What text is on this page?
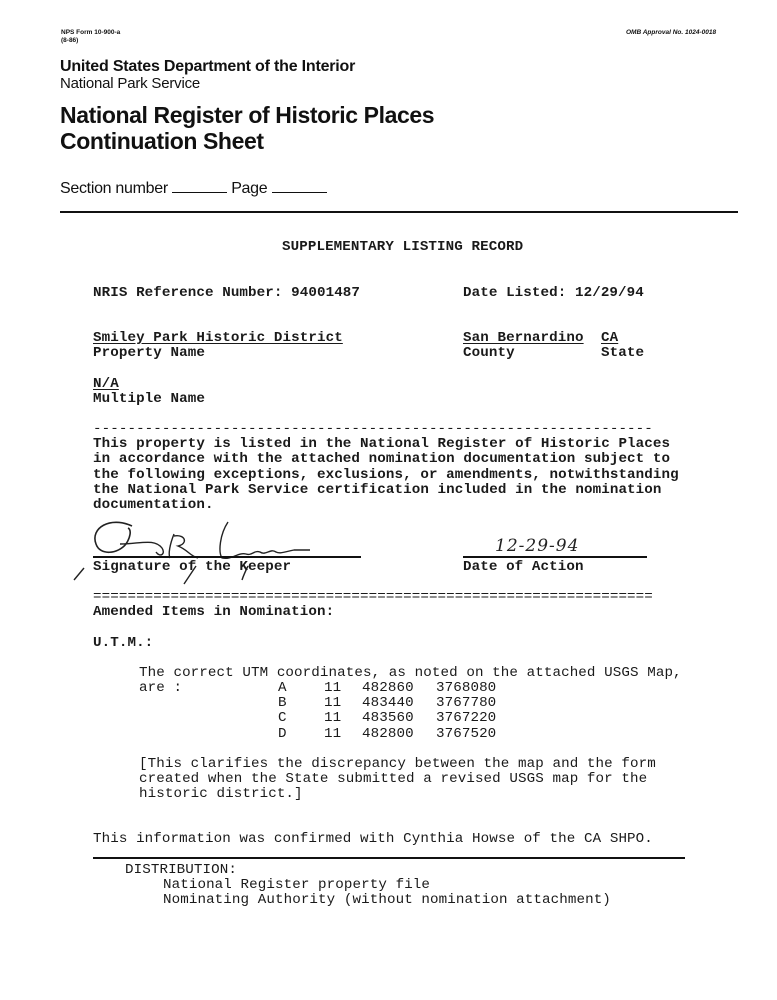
NPS Form 10-900-a
(8-86)
OMB Approval No. 1024-0018
United States Department of the Interior
National Park Service
National Register of Historic Places
Continuation Sheet
Section number	Page
SUPPLEMENTARY LISTING RECORD
NRIS Reference Number: 94001487	Date Listed: 12/29/94
Smiley Park Historic District
Property Name
San Bernardino CA
County	State
N/A
Multiple Name
-----------------------------------------------------------------
This property is listed in the National Register of Historic Places
in accordance with the attached nomination documentation subject to
the following exceptions, exclusions, or amendments, notwithstanding
the National Park Service certification included in the nomination
documentation.
Signature of the Keeper
12-29-94
Date of Action
=================================================================
Amended Items in Nomination:
U.T.M.:
The correct UTM coordinates, as noted on the attached USGS Map,
are :	A	11 482860 3768080
B	11 483440 3767780
C	11 483560 3767220
D	11 482800 3767520
[This clarifies the discrepancy between the map and the form
created when the State submitted a revised USGS map for the
historic district.]
This information was confirmed with Cynthia Howse of the CA SHPO.
DISTRIBUTION:
National Register property file
Nominating Authority (without nomination attachment)
